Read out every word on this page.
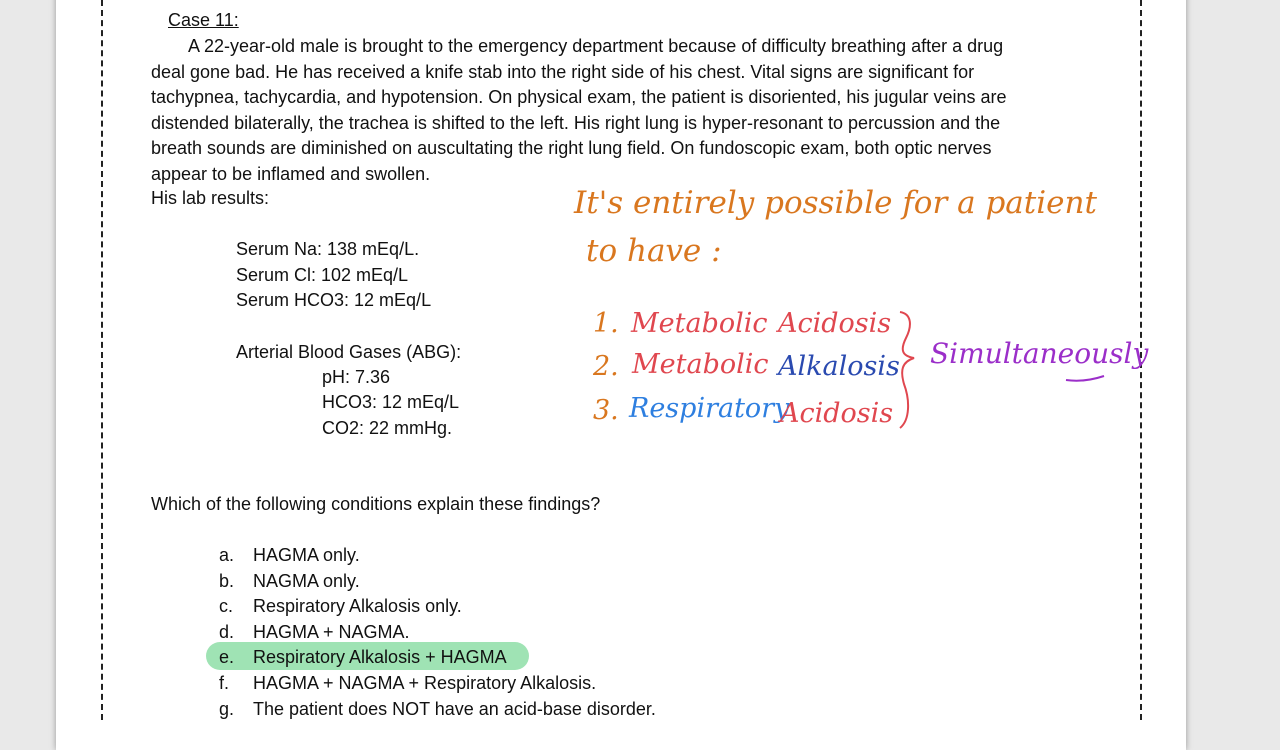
Case 11:
A 22-year-old male is brought to the emergency department because of difficulty breathing after a drug
deal gone bad. He has received a knife stab into the right side of his chest. Vital signs are significant for
tachypnea, tachycardia, and hypotension. On physical exam, the patient is disoriented, his jugular veins are
distended bilaterally, the trachea is shifted to the left. His right lung is hyper-resonant to percussion and the
breath sounds are diminished on auscultating the right lung field. On fundoscopic exam, both optic nerves
appear to be inflamed and swollen.
His lab results:
Serum Na: 138 mEq/L.
Serum Cl: 102 mEq/L
Serum HCO3: 12 mEq/L
Arterial Blood Gases (ABG):
pH: 7.36
HCO3: 12 mEq/L
CO2: 22 mmHg.
Which of the following conditions explain these findings?
a. HAGMA only.
b. NAGMA only.
c. Respiratory Alkalosis only.
d. HAGMA + NAGMA.
e. Respiratory Alkalosis + HAGMA
f. HAGMA + NAGMA + Respiratory Alkalosis.
g. The patient does NOT have an acid-base disorder.
It's entirely possible for a patient
to have :
1. Metabolic Acidosis
2. Metabolic Alkalosis
3. Respiratory
Acidosis
Simultaneously
